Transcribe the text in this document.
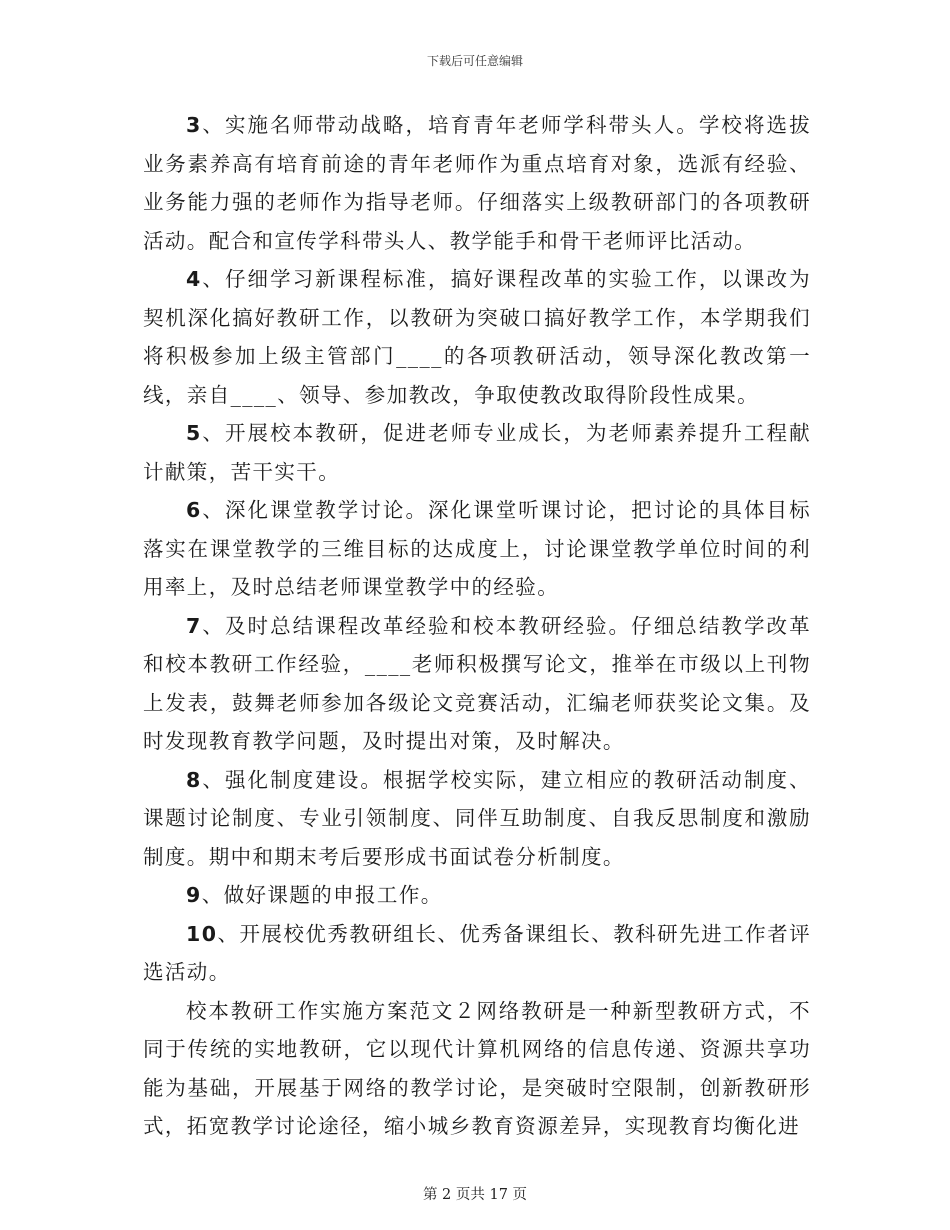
下载后可任意编辑

3、实施名师带动战略，培育青年老师学科带头人。学校将选拔业务素养高有培育前途的青年老师作为重点培育对象，选派有经验、业务能力强的老师作为指导老师。仔细落实上级教研部门的各项教研活动。配合和宣传学科带头人、教学能手和骨干老师评比活动。

4、仔细学习新课程标准，搞好课程改革的实验工作，以课改为契机深化搞好教研工作，以教研为突破口搞好教学工作，本学期我们将积极参加上级主管部门____的各项教研活动，领导深化教改第一线，亲自____、领导、参加教改，争取使教改取得阶段性成果。

5、开展校本教研，促进老师专业成长，为老师素养提升工程献计献策，苦干实干。

6、深化课堂教学讨论。深化课堂听课讨论，把讨论的具体目标落实在课堂教学的三维目标的达成度上，讨论课堂教学单位时间的利用率上，及时总结老师课堂教学中的经验。

7、及时总结课程改革经验和校本教研经验。仔细总结教学改革和校本教研工作经验，____老师积极撰写论文，推举在市级以上刊物上发表，鼓舞老师参加各级论文竞赛活动，汇编老师获奖论文集。及时发现教育教学问题，及时提出对策，及时解决。

8、强化制度建设。根据学校实际，建立相应的教研活动制度、课题讨论制度、专业引领制度、同伴互助制度、自我反思制度和激励制度。期中和期末考后要形成书面试卷分析制度。

9、做好课题的申报工作。

10、开展校优秀教研组长、优秀备课组长、教科研先进工作者评选活动。

校本教研工作实施方案范文２网络教研是一种新型教研方式，不同于传统的实地教研，它以现代计算机网络的信息传递、资源共享功能为基础，开展基于网络的教学讨论，是突破时空限制，创新教研形式，拓宽教学讨论途径，缩小城乡教育资源差异，实现教育均衡化进

第 2 页共 17 页
